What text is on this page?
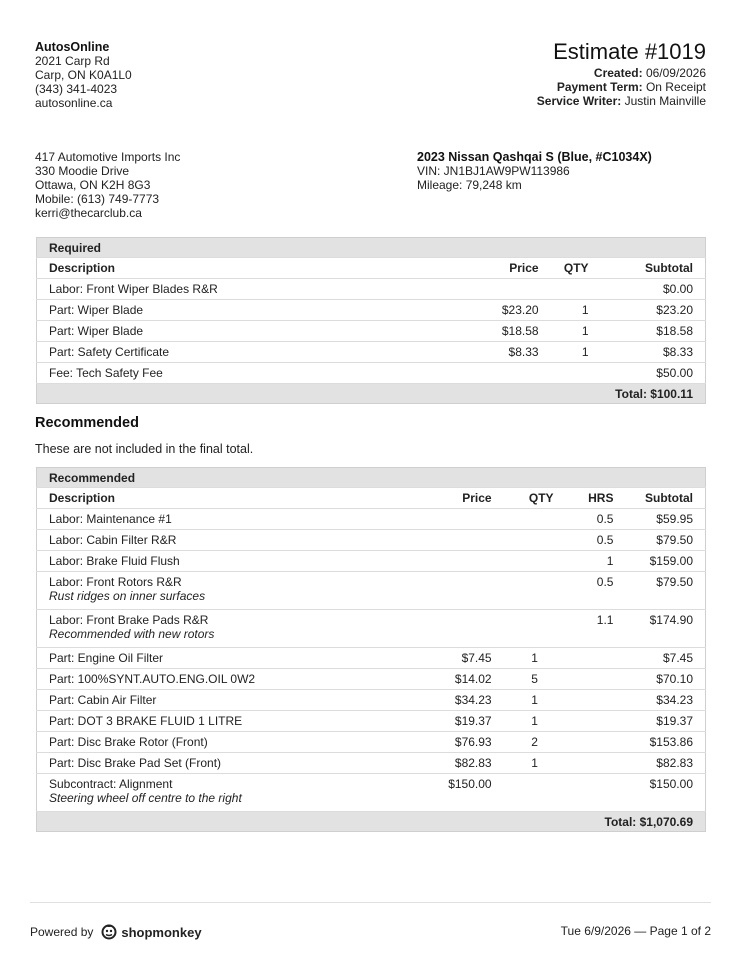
AutosOnline
2021 Carp Rd
Carp, ON K0A1L0
(343) 341-4023
autosonline.ca
Estimate #1019
Created: 06/09/2026
Payment Term: On Receipt
Service Writer: Justin Mainville
417 Automotive Imports Inc
330 Moodie Drive
Ottawa, ON K2H 8G3
Mobile: (613) 749-7773
kerri@thecarclub.ca
2023 Nissan Qashqai S (Blue, #C1034X)
VIN: JN1BJ1AW9PW113986
Mileage: 79,248 km
Required			
Description	Price	QTY	Subtotal
Labor: Front Wiper Blades R&R			$0.00
Part: Wiper Blade	$23.20	1	$23.20
Part: Wiper Blade	$18.58	1	$18.58
Part: Safety Certificate	$8.33	1	$8.33
Fee: Tech Safety Fee			$50.00
Total: $100.11			
Recommended
These are not included in the final total.
Recommended				
Description	Price	QTY	HRS	Subtotal
Labor: Maintenance #1			0.5	$59.95
Labor: Cabin Filter R&R			0.5	$79.50
Labor: Brake Fluid Flush			1	$159.00
Labor: Front Rotors R&R
Rust ridges on inner surfaces			0.5	$79.50
Labor: Front Brake Pads R&R
Recommended with new rotors			1.1	$174.90
Part: Engine Oil Filter	$7.45	1		$7.45
Part: 100%SYNT.AUTO.ENG.OIL 0W2	$14.02	5		$70.10
Part: Cabin Air Filter	$34.23	1		$34.23
Part: DOT 3 BRAKE FLUID 1 LITRE	$19.37	1		$19.37
Part: Disc Brake Rotor (Front)	$76.93	2		$153.86
Part: Disc Brake Pad Set (Front)	$82.83	1		$82.83
Subcontract: Alignment
Steering wheel off centre to the right	$150.00			$150.00
Total: $1,070.69				
Powered by shopmonkey	Tue 6/9/2026 — Page 1 of 2
